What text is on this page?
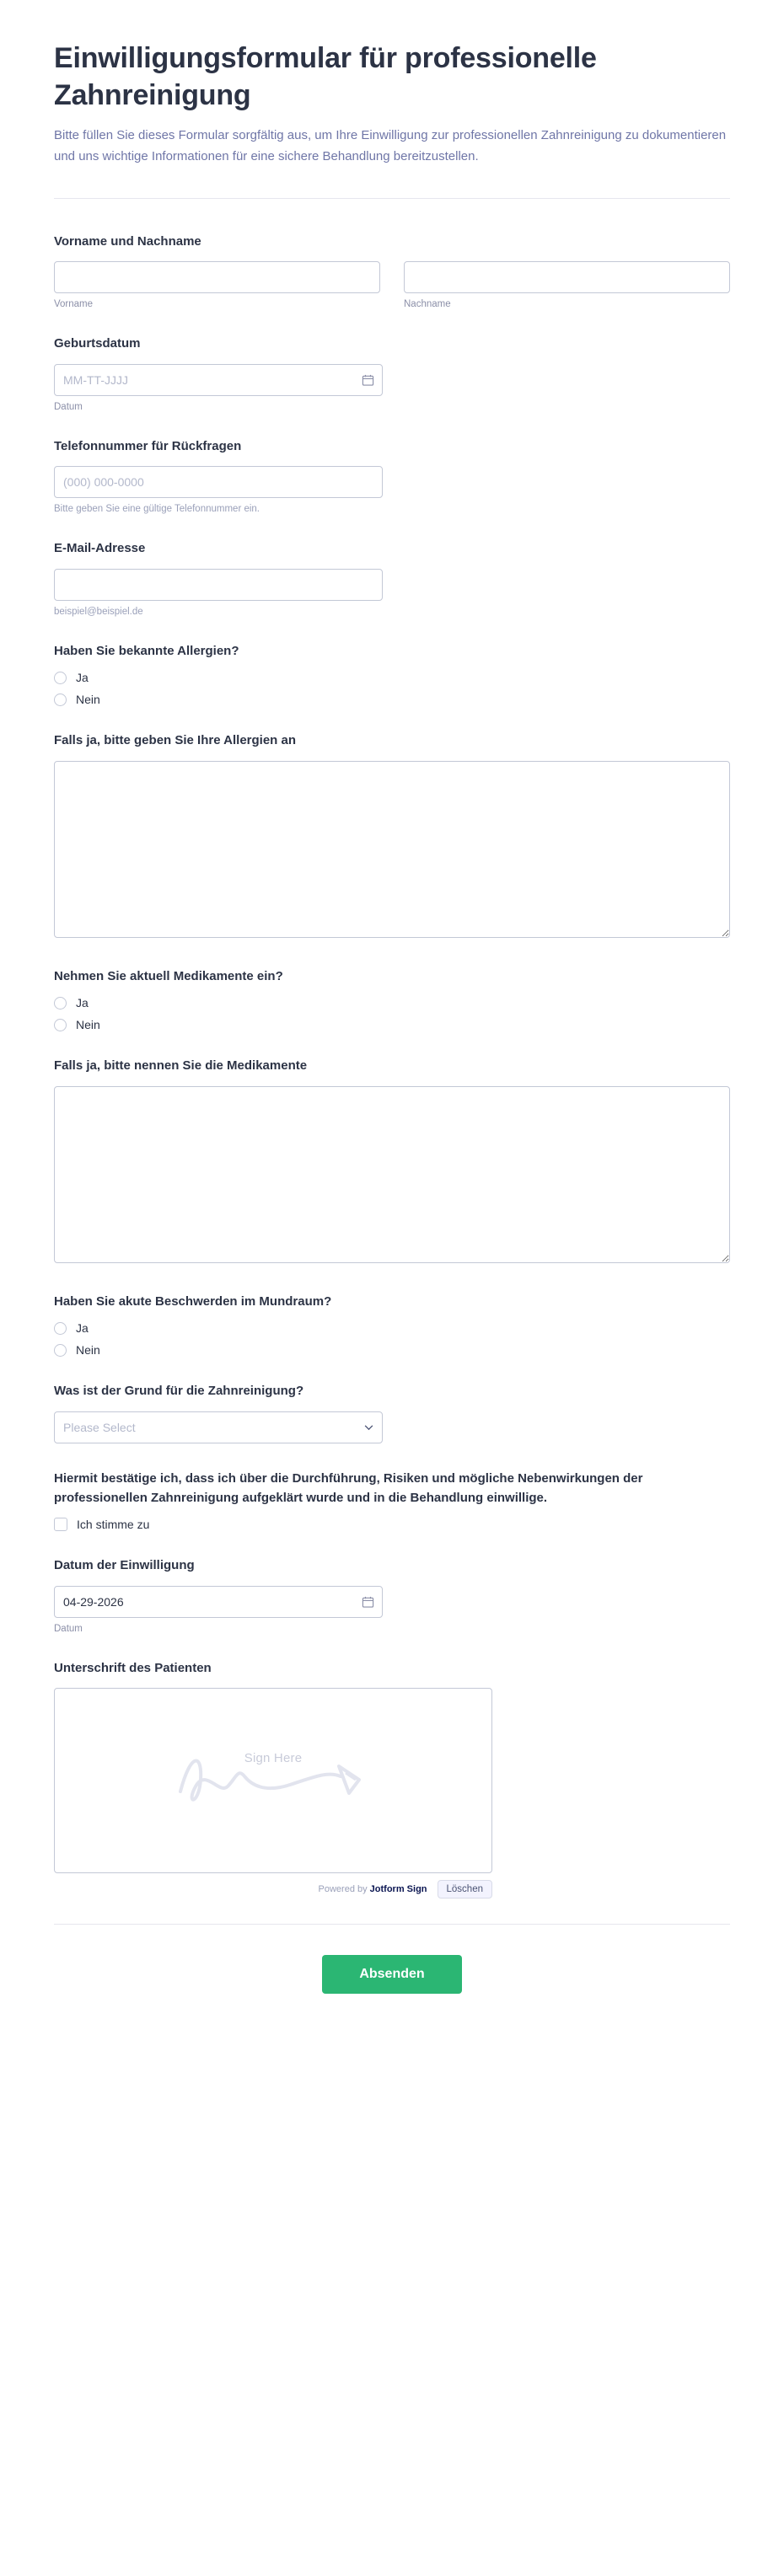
Einwilligungsformular für professionelle Zahnreinigung

Bitte füllen Sie dieses Formular sorgfältig aus, um Ihre Einwilligung zur professionellen Zahnreinigung zu dokumentieren und uns wichtige Informationen für eine sichere Behandlung bereitzustellen.

Vorname und Nachname
Vorname	Nachname
Geburtsdatum
MM-TT-JJJJ
Datum
Telefonnummer für Rückfragen
(000) 000-0000
Bitte geben Sie eine gültige Telefonnummer ein.
E-Mail-Adresse
beispiel@beispiel.de
Haben Sie bekannte Allergien?
Ja
Nein
Falls ja, bitte geben Sie Ihre Allergien an
Nehmen Sie aktuell Medikamente ein?
Ja
Nein
Falls ja, bitte nennen Sie die Medikamente
Haben Sie akute Beschwerden im Mundraum?
Ja
Nein
Was ist der Grund für die Zahnreinigung?
Please Select
Hiermit bestätige ich, dass ich über die Durchführung, Risiken und mögliche Nebenwirkungen der professionellen Zahnreinigung aufgeklärt wurde und in die Behandlung einwillige.
Ich stimme zu
Datum der Einwilligung
04-29-2026
Datum
Unterschrift des Patienten
Sign Here
Powered by Jotform Sign	Löschen
Absenden
